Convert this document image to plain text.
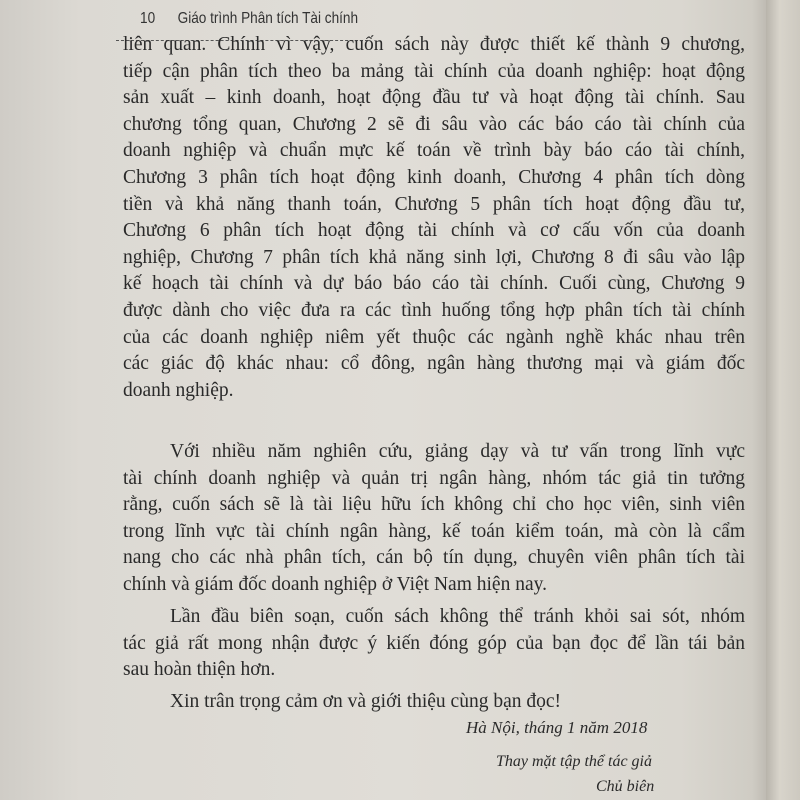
10 Giáo trình Phân tích Tài chính
liên quan. Chính vì vậy, cuốn sách này được thiết kế thành 9 chương,
tiếp cận phân tích theo ba mảng tài chính của doanh nghiệp: hoạt động
sản xuất – kinh doanh, hoạt động đầu tư và hoạt động tài chính. Sau
chương tổng quan, Chương 2 sẽ đi sâu vào các báo cáo tài chính của
doanh nghiệp và chuẩn mực kế toán về trình bày báo cáo tài chính,
Chương 3 phân tích hoạt động kinh doanh, Chương 4 phân tích dòng
tiền và khả năng thanh toán, Chương 5 phân tích hoạt động đầu tư,
Chương 6 phân tích hoạt động tài chính và cơ cấu vốn của doanh
nghiệp, Chương 7 phân tích khả năng sinh lợi, Chương 8 đi sâu vào lập
kế hoạch tài chính và dự báo báo cáo tài chính. Cuối cùng, Chương 9
được dành cho việc đưa ra các tình huống tổng hợp phân tích tài chính
của các doanh nghiệp niêm yết thuộc các ngành nghề khác nhau trên
các giác độ khác nhau: cổ đông, ngân hàng thương mại và giám đốc
doanh nghiệp.
Với nhiều năm nghiên cứu, giảng dạy và tư vấn trong lĩnh vực
tài chính doanh nghiệp và quản trị ngân hàng, nhóm tác giả tin tưởng
rằng, cuốn sách sẽ là tài liệu hữu ích không chỉ cho học viên, sinh viên
trong lĩnh vực tài chính ngân hàng, kế toán kiểm toán, mà còn là cẩm
nang cho các nhà phân tích, cán bộ tín dụng, chuyên viên phân tích tài
chính và giám đốc doanh nghiệp ở Việt Nam hiện nay.
Lần đầu biên soạn, cuốn sách không thể tránh khỏi sai sót, nhóm
tác giả rất mong nhận được ý kiến đóng góp của bạn đọc để lần tái bản
sau hoàn thiện hơn.
Xin trân trọng cảm ơn và giới thiệu cùng bạn đọc!
Hà Nội, tháng 1 năm 2018
Thay mặt tập thể tác giả
Chủ biên
